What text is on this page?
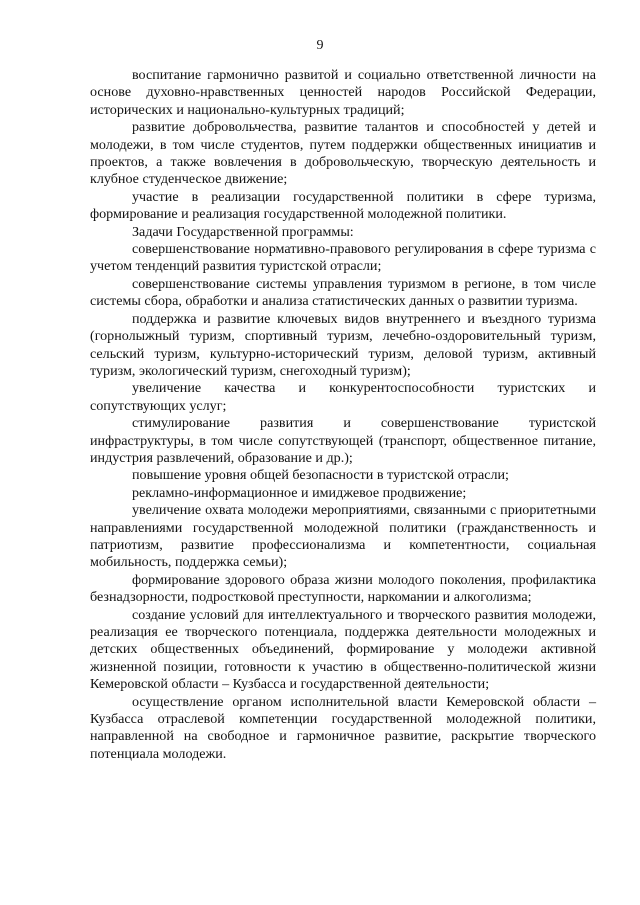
9

воспитание гармонично развитой и социально ответственной личности на основе духовно-нравственных ценностей народов Российской Федерации, исторических и национально-культурных традиций;

развитие добровольчества, развитие талантов и способностей у детей и молодежи, в том числе студентов, путем поддержки общественных инициатив и проектов, а также вовлечения в добровольческую, творческую деятельность и клубное студенческое движение;

участие в реализации государственной политики в сфере туризма, формирование и реализация государственной молодежной политики.

Задачи Государственной программы:

совершенствование нормативно-правового регулирования в сфере туризма с учетом тенденций развития туристской отрасли;

совершенствование системы управления туризмом в регионе, в том числе системы сбора, обработки и анализа статистических данных о развитии туризма.

поддержка и развитие ключевых видов внутреннего и въездного туризма (горнолыжный туризм, спортивный туризм, лечебно-оздоровительный туризм, сельский туризм, культурно-исторический туризм, деловой туризм, активный туризм, экологический туризм, снегоходный туризм);

увеличение качества и конкурентоспособности туристских и сопутствующих услуг;

стимулирование развития и совершенствование туристской инфраструктуры, в том числе сопутствующей (транспорт, общественное питание, индустрия развлечений, образование и др.);

повышение уровня общей безопасности в туристской отрасли;

рекламно-информационное и имиджевое продвижение;

увеличение охвата молодежи мероприятиями, связанными с приоритетными направлениями государственной молодежной политики (гражданственность и патриотизм, развитие профессионализма и компетентности, социальная мобильность, поддержка семьи);

формирование здорового образа жизни молодого поколения, профилактика безнадзорности, подростковой преступности, наркомании и алкоголизма;

создание условий для интеллектуального и творческого развития молодежи, реализация ее творческого потенциала, поддержка деятельности молодежных и детских общественных объединений, формирование у молодежи активной жизненной позиции, готовности к участию в общественно-политической жизни Кемеровской области – Кузбасса и государственной деятельности;

осуществление органом исполнительной власти Кемеровской области – Кузбасса отраслевой компетенции государственной молодежной политики, направленной на свободное и гармоничное развитие, раскрытие творческого потенциала молодежи.
